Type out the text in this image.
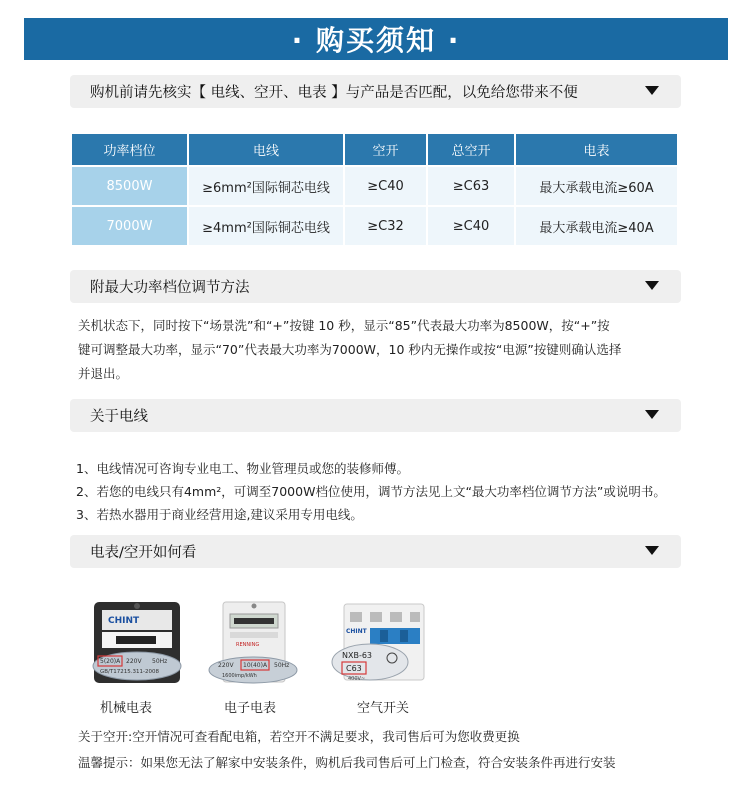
· 购买须知 ·
购机前请先核实【 电线、空开、电表 】与产品是否匹配，以免给您带来不便
功率档位	电线	空开	总空开	电表
8500W	≥6mm²国际铜芯电线	≥C40	≥C63	最大承载电流≥60A
7000W	≥4mm²国际铜芯电线	≥C32	≥C40	最大承载电流≥40A
附最大功率档位调节方法
关机状态下，同时按下“场景洗”和“+”按键 10 秒，显示“85”代表最大功率为8500W，按“+”按
键可调整最大功率，显示“70”代表最大功率为7000W，10 秒内无操作或按“电源”按键则确认选择
并退出。
关于电线
1、电线情况可咨询专业电工、物业管理员或您的装修师傅。
2、若您的电线只有4mm²，可调至7000W档位使用，调节方法见上文“最大功率档位调节方法”或说明书。
3、若热水器用于商业经营用途,建议采用专用电线。
电表/空开如何看
CHINT
5(20)A 220V 50Hz
GB/T17215.311-2008
机械电表
RENNING
220V 10(40)A 50Hz
1600imp/kWh
电子电表
CHINT
NXB-63
C63
400V~
空气开关
关于空开:空开情况可查看配电箱，若空开不满足要求，我司售后可为您收费更换
温馨提示：如果您无法了解家中安装条件，购机后我司售后可上门检查，符合安装条件再进行安装
